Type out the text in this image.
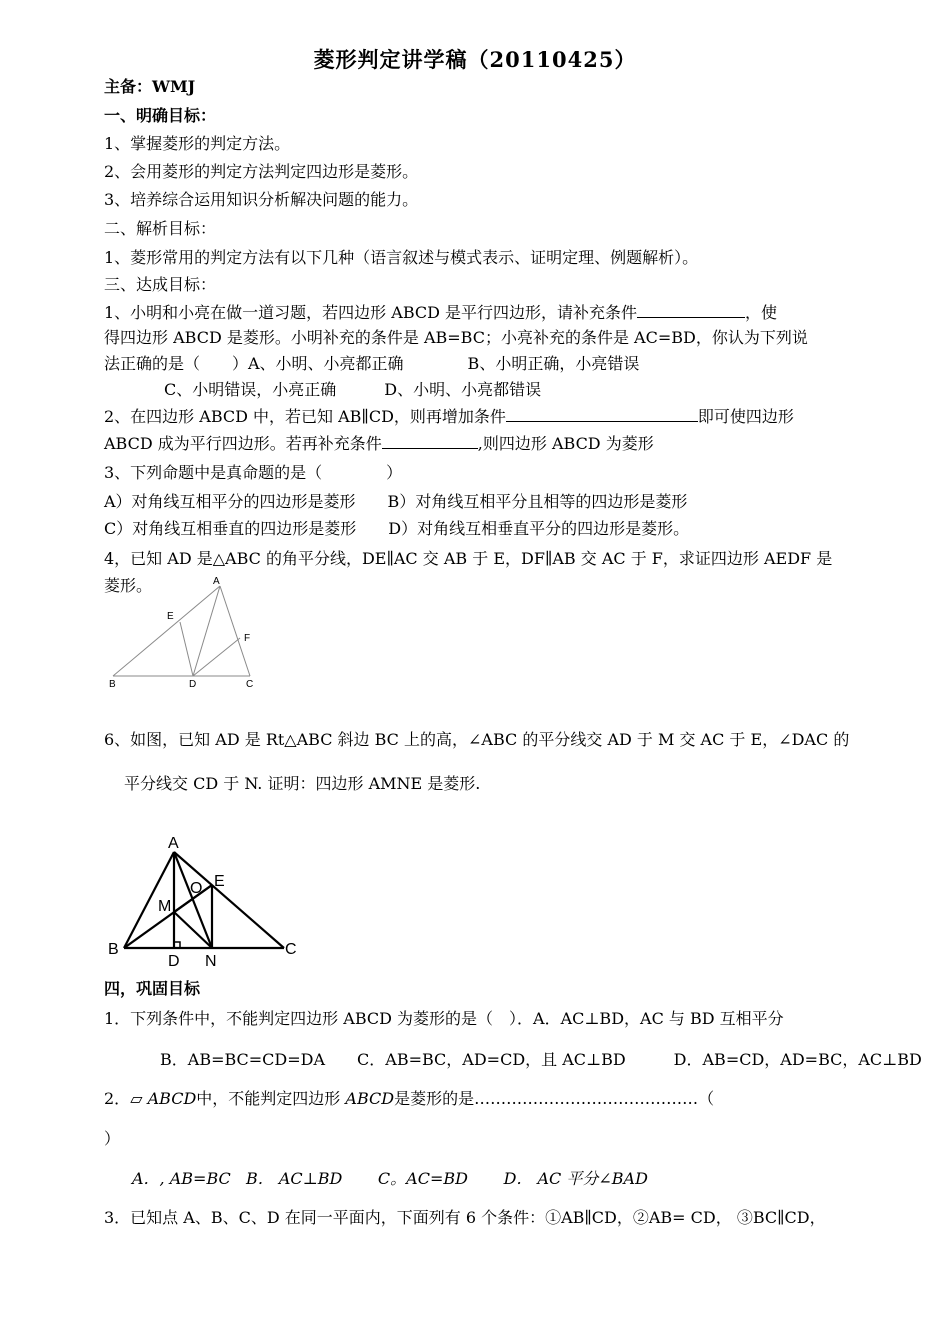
菱形判定讲学稿（20110425）
主备：WMJ
一、明确目标：
1、掌握菱形的判定方法。
2、会用菱形的判定方法判定四边形是菱形。
3、培养综合运用知识分析解决问题的能力。
二、解析目标：
1、菱形常用的判定方法有以下几种（语言叙述与模式表示、证明定理、例题解析）。
三、达成目标：
1、小明和小亮在做一道习题，若四边形 ABCD 是平行四边形，请补充条件	，使
得四边形 ABCD 是菱形。小明补充的条件是 AB=BC；小亮补充的条件是 AC=BD，你认为下列说
法正确的是（　　）A、小明、小亮都正确　　　　B、小明正确，小亮错误
C、小明错误，小亮正确　　　D、小明、小亮都错误
2、在四边形 ABCD 中，若已知 AB∥CD，则再增加条件	即可使四边形
ABCD 成为平行四边形。若再补充条件	,则四边形 ABCD 为菱形
3、下列命题中是真命题的是（　　　　）
A）对角线互相平分的四边形是菱形　　B）对角线互相平分且相等的四边形是菱形
C）对角线互相垂直的四边形是菱形　　D）对角线互相垂直平分的四边形是菱形。
4，已知 AD 是△ABC 的角平分线，DE∥AC 交 AB 于 E，DF∥AB 交 AC 于 F，求证四边形 AEDF 是
菱形。	A
E
F
B	D	C
6、如图，已知 AD 是 Rt△ABC 斜边 BC 上的高，∠ABC 的平分线交 AD 于 M 交 AC 于 E，∠DAC 的
平分线交 CD 于 N. 证明：四边形 AMNE 是菱形.
A
O E
M
B	C
D N
四，巩固目标
1．下列条件中，不能判定四边形 ABCD 为菱形的是（　）．A．AC⊥BD，AC 与 BD 互相平分
B．AB=BC=CD=DA　　C．AB=BC，AD=CD，且 AC⊥BD　　　D．AB=CD，AD=BC，AC⊥BD
2．▱ ABCD中，不能判定四边形 ABCD是菱形的是……………………………………（
）
A．, AB=BC B． AC⊥BD C。AC=BD D． AC 平分∠BAD
3．已知点 A、B、C、D 在同一平面内，下面列有 6 个条件：①AB∥CD，②AB= CD， ③BC∥CD，
